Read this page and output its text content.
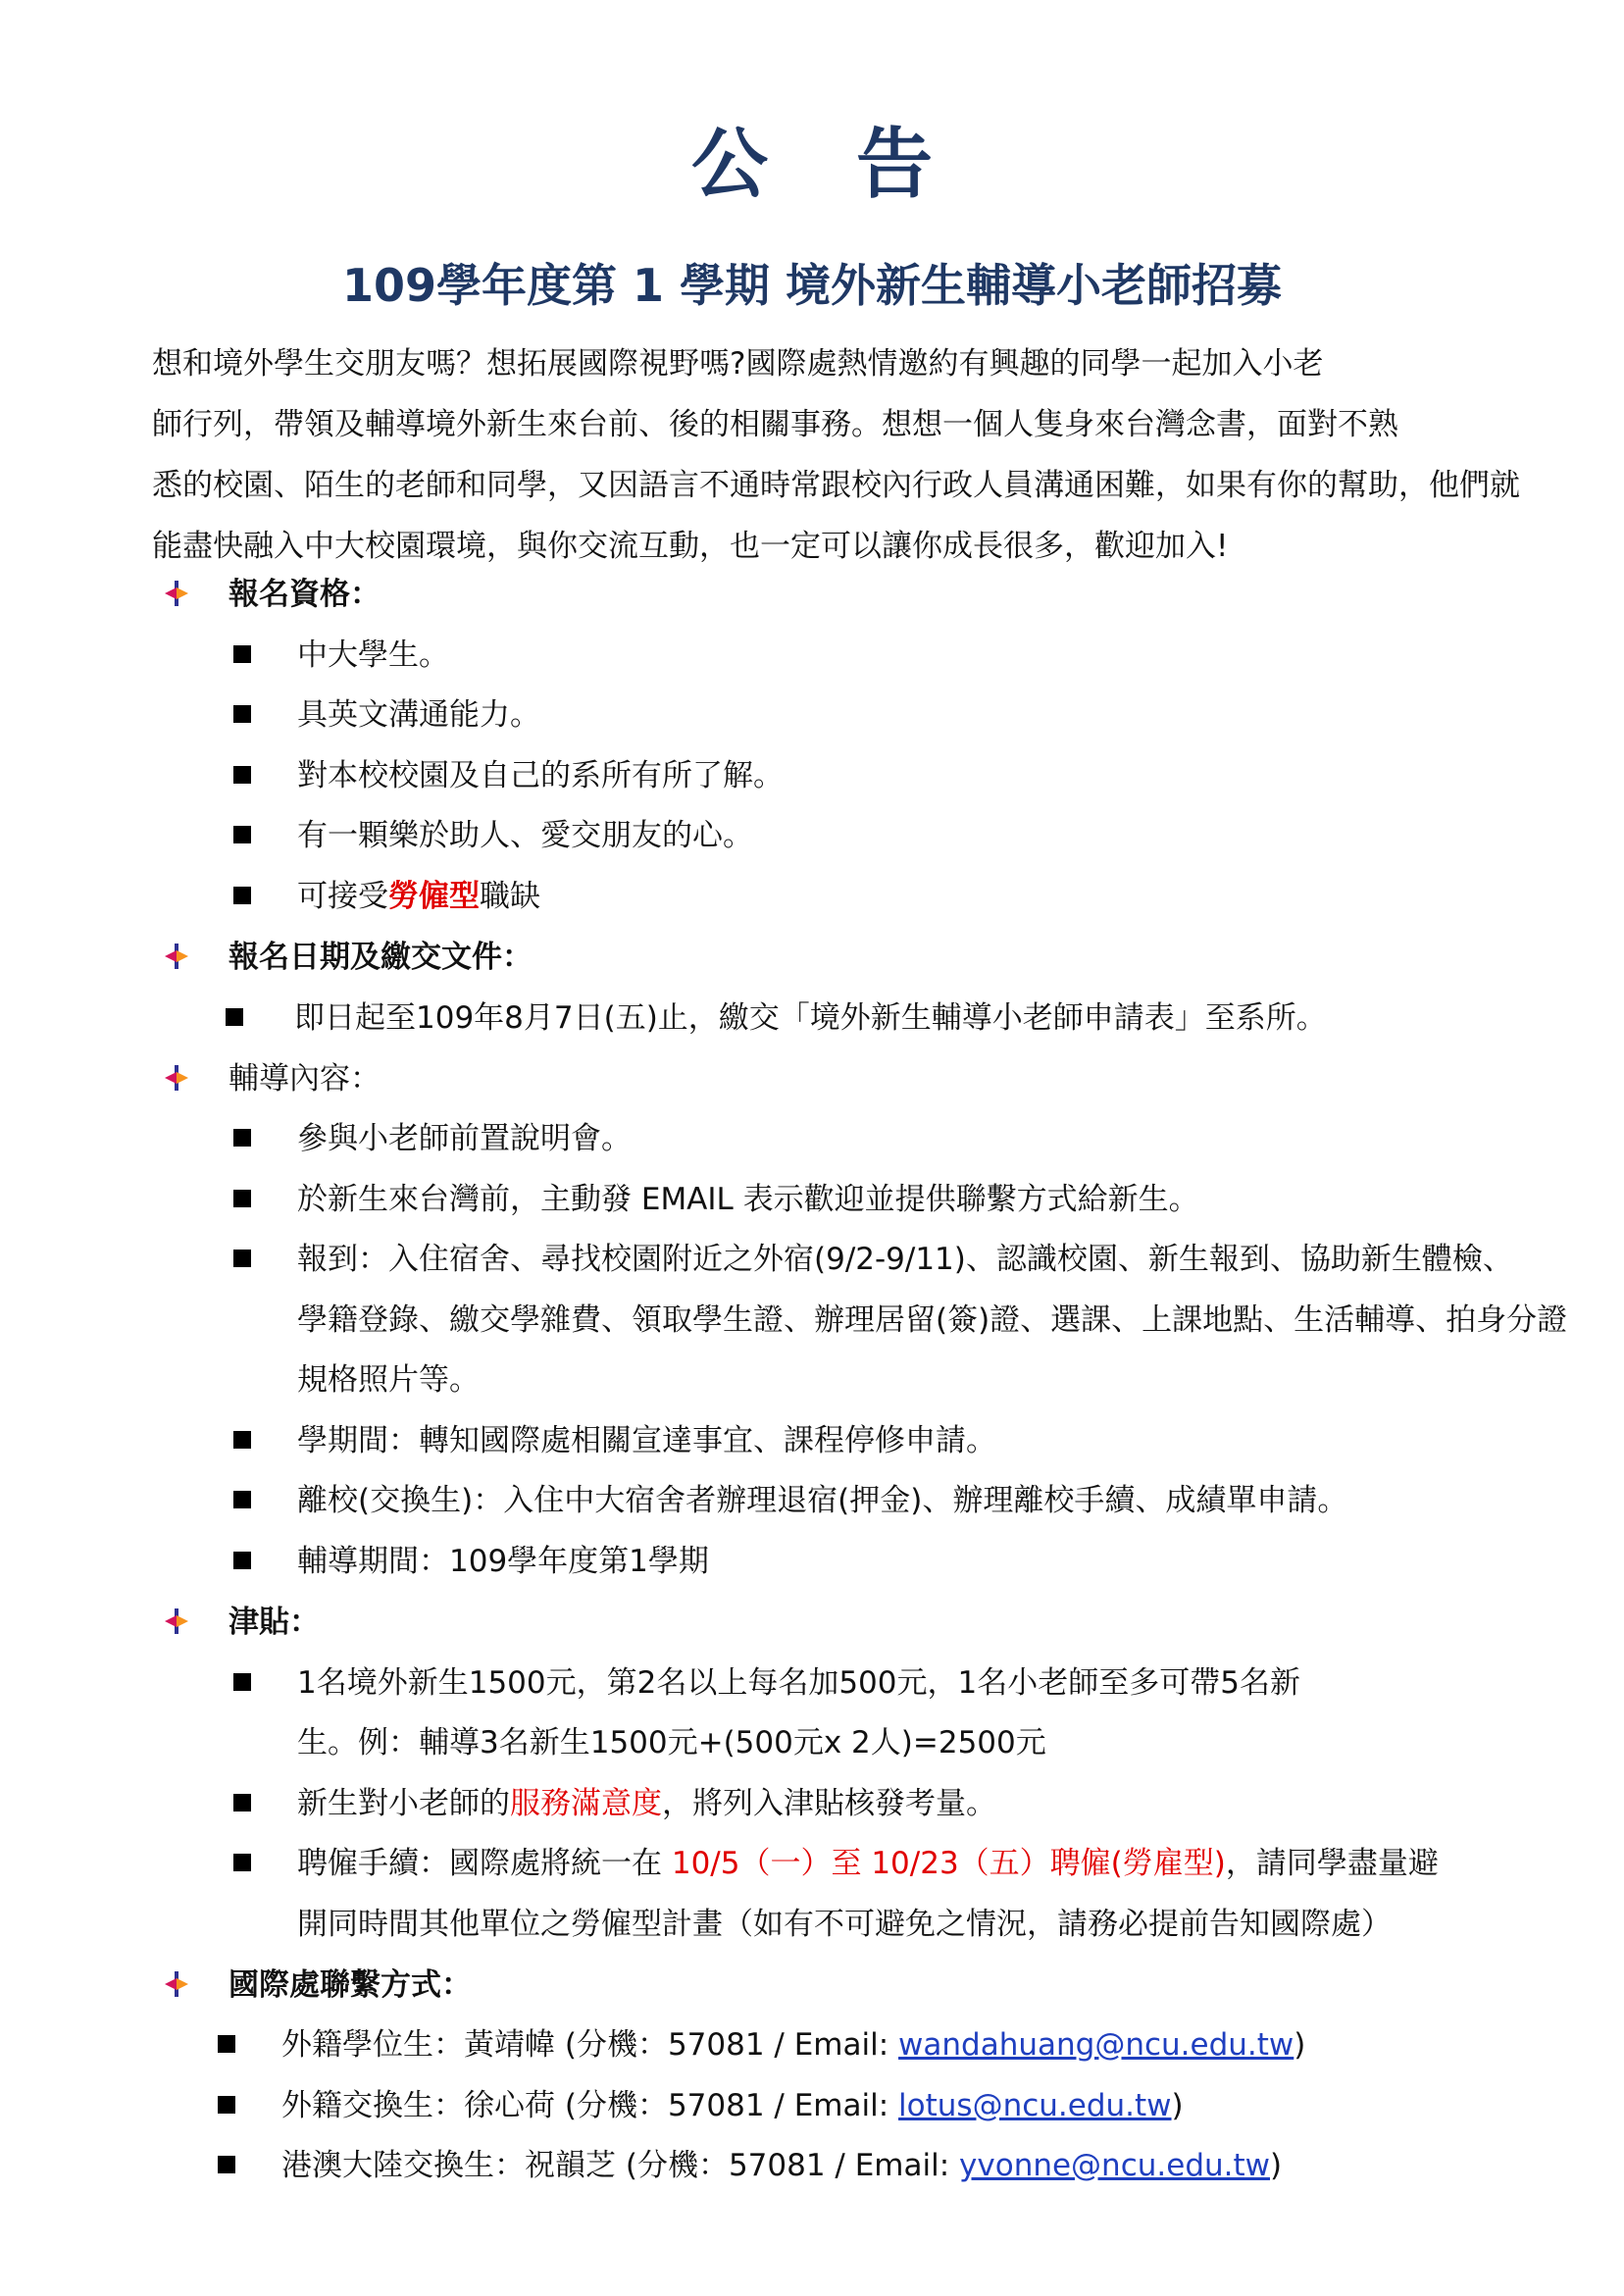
公告
109學年度第 1 學期 境外新生輔導小老師招募

想和境外學生交朋友嗎？想拓展國際視野嗎?國際處熱情邀約有興趣的同學一起加入小老

師行列，帶領及輔導境外新生來台前、後的相關事務。想想一個人隻身來台灣念書，面對不熟

悉的校園、陌生的老師和同學，又因語言不通時常跟校內行政人員溝通困難，如果有你的幫助，他們就

能盡快融入中大校園環境，與你交流互動，也一定可以讓你成長很多，歡迎加入!

報名資格：
中大學生。
具英文溝通能力。
對本校校園及自己的系所有所了解。
有一顆樂於助人、愛交朋友的心。
可接受勞僱型職缺
報名日期及繳交文件：
即日起至109年8月7日(五)止，繳交「境外新生輔導小老師申請表」至系所。
輔導內容：
參與小老師前置說明會。
於新生來台灣前，主動發 EMAIL 表示歡迎並提供聯繫方式給新生。
報到：入住宿舍、尋找校園附近之外宿(9/2-9/11)、認識校園、新生報到、協助新生體檢、
學籍登錄、繳交學雜費、領取學生證、辦理居留(簽)證、選課、上課地點、生活輔導、拍身分證
規格照片等。
學期間：轉知國際處相關宣達事宜、課程停修申請。
離校(交換生)：入住中大宿舍者辦理退宿(押金)、辦理離校手續、成績單申請。
輔導期間：109學年度第1學期
津貼：
1名境外新生1500元，第2名以上每名加500元，1名小老師至多可帶5名新
生。例：輔導3名新生1500元+(500元x 2人)=2500元
新生對小老師的服務滿意度，將列入津貼核發考量。
聘僱手續：國際處將統一在 10/5（一）至 10/23（五）聘僱(勞雇型)，請同學盡量避
開同時間其他單位之勞僱型計畫（如有不可避免之情況，請務必提前告知國際處）
國際處聯繫方式：
外籍學位生：黃靖幃 (分機：57081 / Email: wandahuang@ncu.edu.tw)
外籍交換生：徐心荷 (分機：57081 / Email: lotus@ncu.edu.tw)
港澳大陸交換生：祝韻芝 (分機：57081 / Email: yvonne@ncu.edu.tw)
